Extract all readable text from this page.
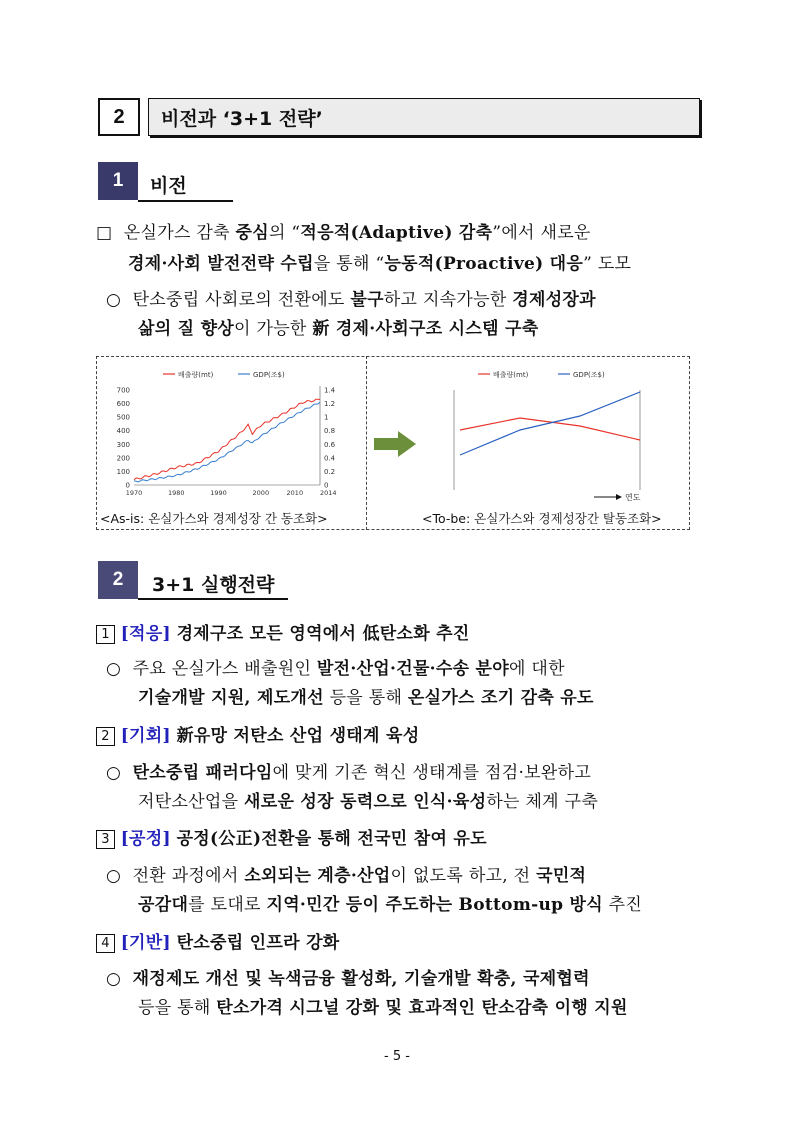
2	비전과 ‘3+1 전략’
1	비전
□ 온실가스 감축 중심의 “적응적(Adaptive) 감축”에서 새로운
경제·사회 발전전략 수립을 통해 “능동적(Proactive) 대응” 도모
○ 탄소중립 사회로의 전환에도 불구하고 지속가능한 경제성장과
삶의 질 향상이 가능한 新 경제·사회구조 시스템 구축
배출량(mt)	GDP(조$)
0
100
200
300
400
500
600
700
0
0.2
0.4
0.6
0.8
1
1.2
1.4
1970	1980	1990	2000	2010	2014
배출량(mt)	GDP(조$)
연도
<As-is: 온실가스와 경제성장 간 동조화>	<To-be: 온실가스와 경제성장간 탈동조화>
2	3+1 실행전략
1 [적응] 경제구조 모든 영역에서 低탄소화 추진
○ 주요 온실가스 배출원인 발전·산업·건물·수송 분야에 대한
기술개발 지원, 제도개선 등을 통해 온실가스 조기 감축 유도
2 [기회] 新유망 저탄소 산업 생태계 육성
○ 탄소중립 패러다임에 맞게 기존 혁신 생태계를 점검·보완하고
저탄소산업을 새로운 성장 동력으로 인식·육성하는 체계 구축
3 [공정] 공정(公正)전환을 통해 전국민 참여 유도
○ 전환 과정에서 소외되는 계층·산업이 없도록 하고, 전 국민적
공감대를 토대로 지역·민간 등이 주도하는 Bottom-up 방식 추진
4 [기반] 탄소중립 인프라 강화
○ 재정제도 개선 및 녹색금융 활성화, 기술개발 확충, 국제협력
등을 통해 탄소가격 시그널 강화 및 효과적인 탄소감축 이행 지원
- 5 -
